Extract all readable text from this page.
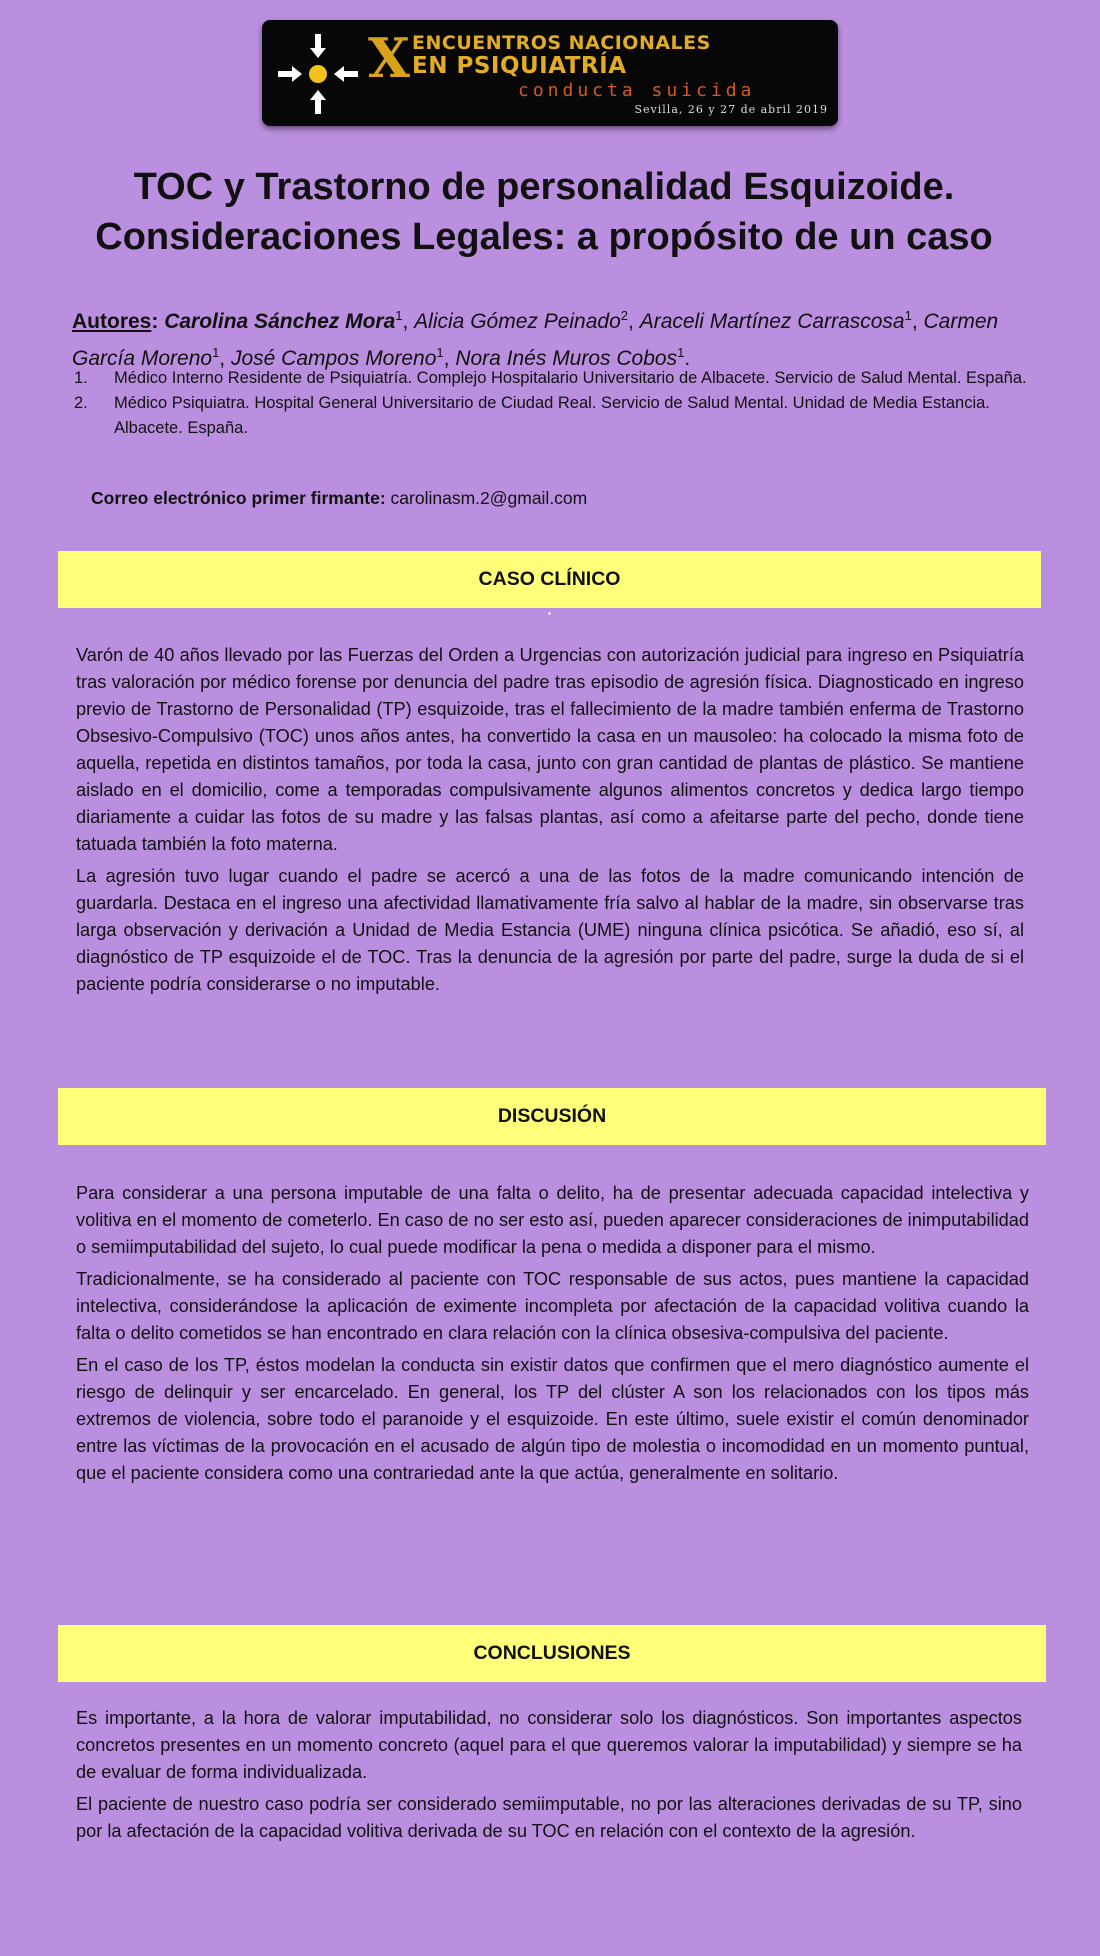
X ENCUENTROS NACIONALES
EN PSIQUIATRÍA
conducta suicida
Sevilla, 26 y 27 de abril 2019
TOC y Trastorno de personalidad Esquizoide.
Consideraciones Legales: a propósito de un caso
Autores: Carolina Sánchez Mora$^1$, Alicia Gómez Peinado$^2$, Araceli Martínez Carrascosa$^1$, Carmen García Moreno$^1$, José Campos Moreno$^1$, Nora Inés Muros Cobos$^1$.
1. Médico Interno Residente de Psiquiatría. Complejo Hospitalario Universitario de Albacete. Servicio de Salud Mental. España.
2. Médico Psiquiatra. Hospital General Universitario de Ciudad Real. Servicio de Salud Mental. Unidad de Media Estancia. Albacete. España.
Correo electrónico primer firmante: carolinasm.2@gmail.com
CASO CLÍNICO

Varón de 40 años llevado por las Fuerzas del Orden a Urgencias con autorización judicial para ingreso en Psiquiatría tras valoración por médico forense por denuncia del padre tras episodio de agresión física. Diagnosticado en ingreso previo de Trastorno de Personalidad (TP) esquizoide, tras el fallecimiento de la madre también enferma de Trastorno Obsesivo-Compulsivo (TOC) unos años antes, ha convertido la casa en un mausoleo: ha colocado la misma foto de aquella, repetida en distintos tamaños, por toda la casa, junto con gran cantidad de plantas de plástico. Se mantiene aislado en el domicilio, come a temporadas compulsivamente algunos alimentos concretos y dedica largo tiempo diariamente a cuidar las fotos de su madre y las falsas plantas, así como a afeitarse parte del pecho, donde tiene tatuada también la foto materna.

La agresión tuvo lugar cuando el padre se acercó a una de las fotos de la madre comunicando intención de guardarla. Destaca en el ingreso una afectividad llamativamente fría salvo al hablar de la madre, sin observarse tras larga observación y derivación a Unidad de Media Estancia (UME) ninguna clínica psicótica. Se añadió, eso sí, al diagnóstico de TP esquizoide el de TOC. Tras la denuncia de la agresión por parte del padre, surge la duda de si el paciente podría considerarse o no imputable.

DISCUSIÓN

Para considerar a una persona imputable de una falta o delito, ha de presentar adecuada capacidad intelectiva y volitiva en el momento de cometerlo. En caso de no ser esto así, pueden aparecer consideraciones de inimputabilidad o semiimputabilidad del sujeto, lo cual puede modificar la pena o medida a disponer para el mismo.

Tradicionalmente, se ha considerado al paciente con TOC responsable de sus actos, pues mantiene la capacidad intelectiva, considerándose la aplicación de eximente incompleta por afectación de la capacidad volitiva cuando la falta o delito cometidos se han encontrado en clara relación con la clínica obsesiva-compulsiva del paciente.

En el caso de los TP, éstos modelan la conducta sin existir datos que confirmen que el mero diagnóstico aumente el riesgo de delinquir y ser encarcelado. En general, los TP del clúster A son los relacionados con los tipos más extremos de violencia, sobre todo el paranoide y el esquizoide. En este último, suele existir el común denominador entre las víctimas de la provocación en el acusado de algún tipo de molestia o incomodidad en un momento puntual, que el paciente considera como una contrariedad ante la que actúa, generalmente en solitario.

CONCLUSIONES

Es importante, a la hora de valorar imputabilidad, no considerar solo los diagnósticos. Son importantes aspectos concretos presentes en un momento concreto (aquel para el que queremos valorar la imputabilidad) y siempre se ha de evaluar de forma individualizada.

El paciente de nuestro caso podría ser considerado semiimputable, no por las alteraciones derivadas de su TP, sino por la afectación de la capacidad volitiva derivada de su TOC en relación con el contexto de la agresión.
